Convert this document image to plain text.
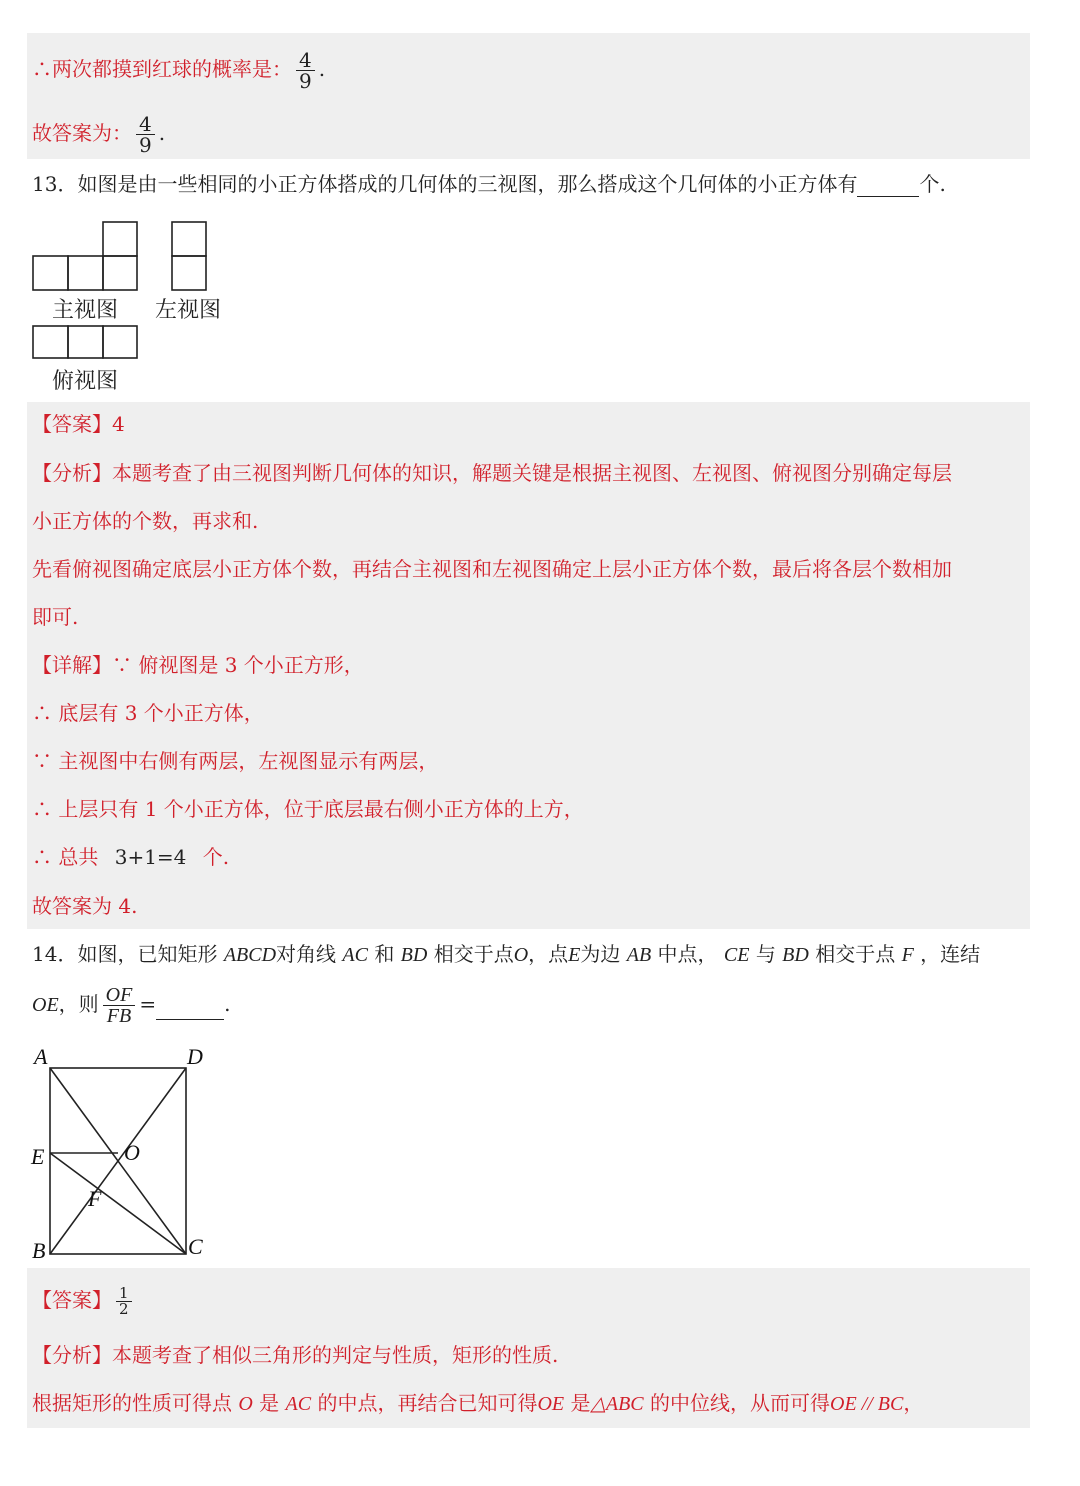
∴两次都摸到红球的概率是： $\frac{4}{9}$ .
故答案为： $\frac{4}{9}$ .
13．如图是由一些相同的小正方体搭成的几何体的三视图，那么搭成这个几何体的小正方体有	个.
主视图 左视图
俯视图
【答案】4
【分析】本题考查了由三视图判断几何体的知识，解题关键是根据主视图、左视图、俯视图分别确定每层
小正方体的个数，再求和.
先看俯视图确定底层小正方体个数，再结合主视图和左视图确定上层小正方体个数，最后将各层个数相加
即可.
【详解】∵ 俯视图是 3 个小正方形，
∴ 底层有 3 个小正方体，
∵ 主视图中右侧有两层，左视图显示有两层，
∴ 上层只有 1 个小正方体，位于底层最右侧小正方体的上方，
∴ 总共 3+1=4 个.
故答案为 4.
14．如图，已知矩形 ABCD对角线 AC 和 BD 相交于点O，点E为边 AB 中点， CE 与 BD 相交于点 F ，连结
OE，则 $\frac{OF}{FB}$ =	.
A	D
E	O
F
B	C
【答案】 $\frac{1}{2}$
【分析】本题考查了相似三角形的判定与性质，矩形的性质.
根据矩形的性质可得点 O 是 AC 的中点，再结合已知可得OE 是△ABC 的中位线，从而可得OE // BC，
